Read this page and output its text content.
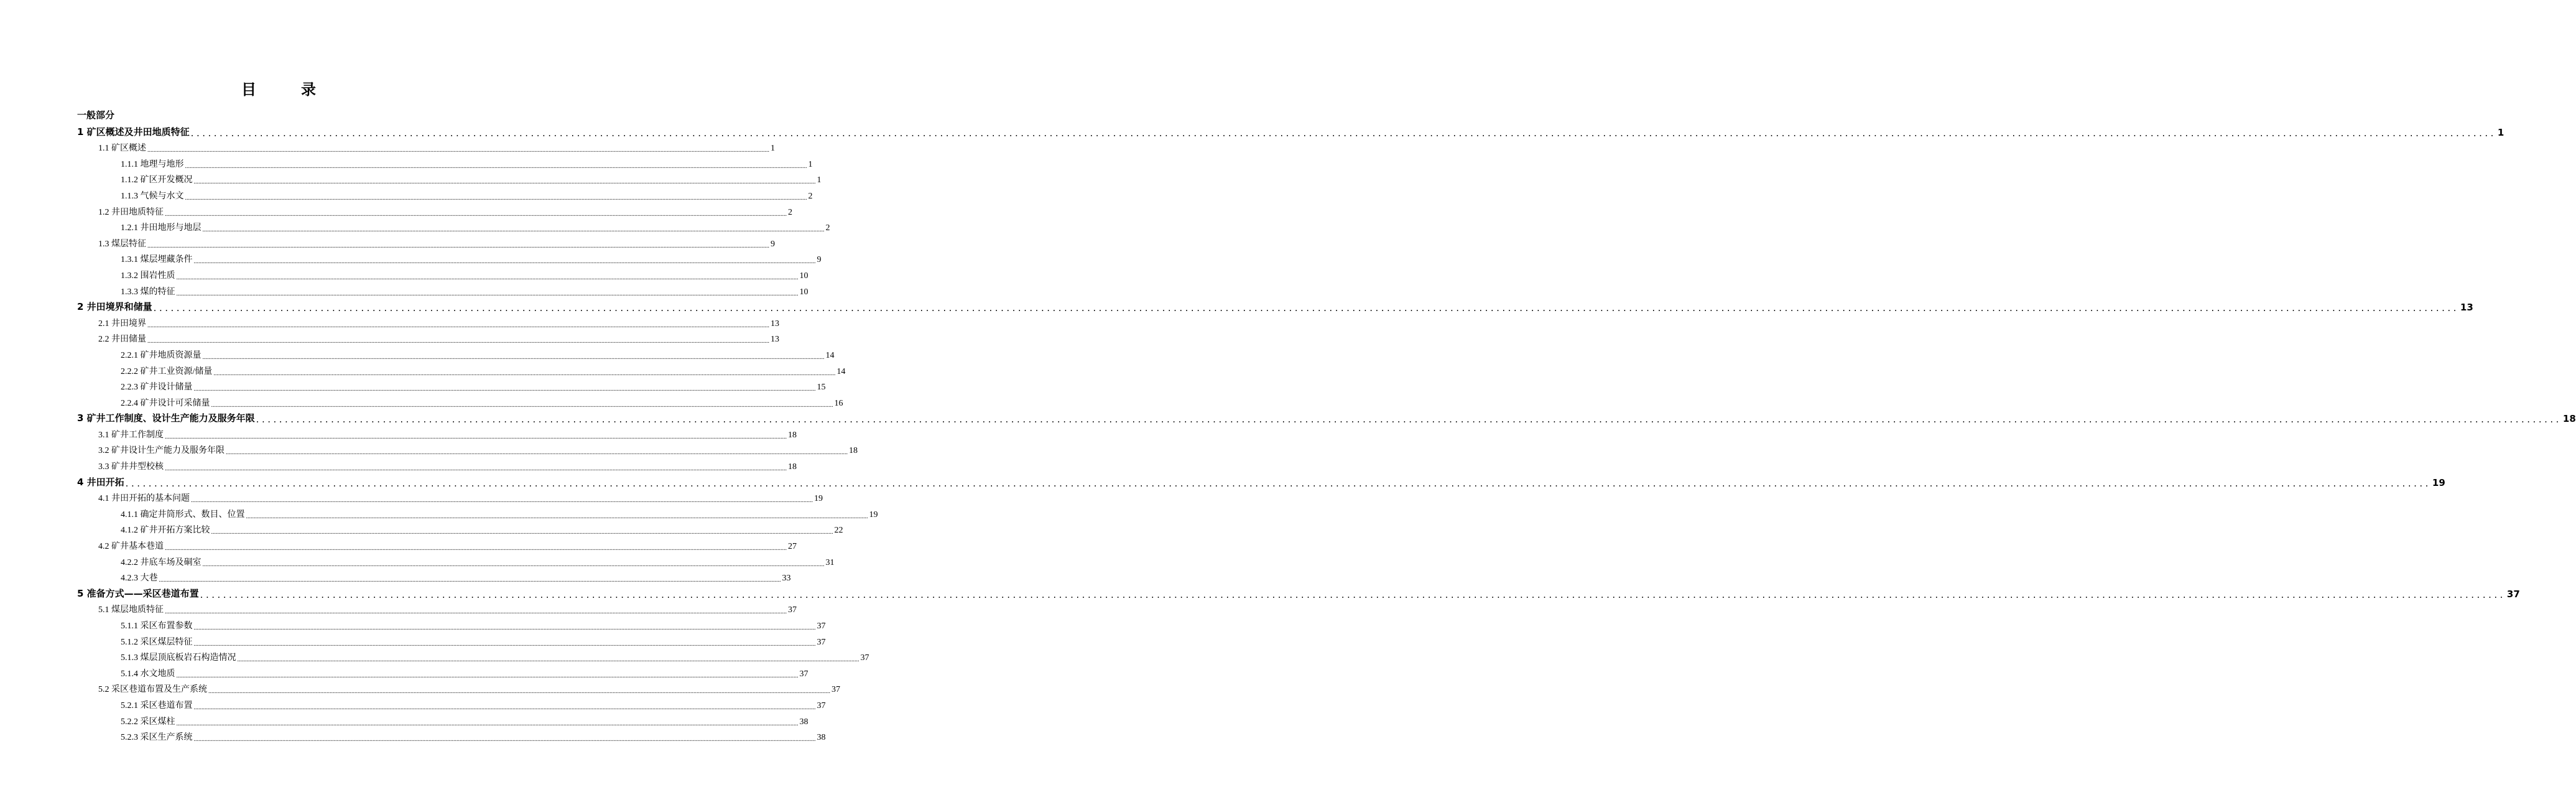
目　录
一般部分
1 矿区概述及井田地质特征 ................................................................................................................................................................................................................................................................................................................................................................................................................ 1
1.1 矿区概述 ................................................................................................................................................................................................................................................................................................................................................................................................................ 1
1.1.1 地理与地形 ................................................................................................................................................................................................................................................................................................................................................................................................................ 1
1.1.2 矿区开发概况 ................................................................................................................................................................................................................................................................................................................................................................................................................ 1
1.1.3 气候与水文 ................................................................................................................................................................................................................................................................................................................................................................................................................ 2
1.2 井田地质特征 ................................................................................................................................................................................................................................................................................................................................................................................................................ 2
1.2.1 井田地形与地层 ................................................................................................................................................................................................................................................................................................................................................................................................................ 2
1.3 煤层特征 ................................................................................................................................................................................................................................................................................................................................................................................................................ 9
1.3.1 煤层埋藏条件 ................................................................................................................................................................................................................................................................................................................................................................................................................ 9
1.3.2 围岩性质 ................................................................................................................................................................................................................................................................................................................................................................................................................ 10
1.3.3 煤的特征 ................................................................................................................................................................................................................................................................................................................................................................................................................ 10
2 井田境界和储量 ................................................................................................................................................................................................................................................................................................................................................................................................................ 13
2.1 井田境界 ................................................................................................................................................................................................................................................................................................................................................................................................................ 13
2.2 井田储量 ................................................................................................................................................................................................................................................................................................................................................................................................................ 13
2.2.1 矿井地质资源量 ................................................................................................................................................................................................................................................................................................................................................................................................................ 14
2.2.2 矿井工业资源/储量 ................................................................................................................................................................................................................................................................................................................................................................................................................ 14
2.2.3 矿井设计储量 ................................................................................................................................................................................................................................................................................................................................................................................................................ 15
2.2.4 矿井设计可采储量 ................................................................................................................................................................................................................................................................................................................................................................................................................ 16
3 矿井工作制度、设计生产能力及服务年限 ................................................................................................................................................................................................................................................................................................................................................................................................................ 18
3.1 矿井工作制度 ................................................................................................................................................................................................................................................................................................................................................................................................................ 18
3.2 矿井设计生产能力及服务年限 ................................................................................................................................................................................................................................................................................................................................................................................................................ 18
3.3 矿井井型校核 ................................................................................................................................................................................................................................................................................................................................................................................................................ 18
4 井田开拓 ................................................................................................................................................................................................................................................................................................................................................................................................................ 19
4.1 井田开拓的基本问题 ................................................................................................................................................................................................................................................................................................................................................................................................................ 19
4.1.1 确定井筒形式、数目、位置 ................................................................................................................................................................................................................................................................................................................................................................................................................ 19
4.1.2 矿井开拓方案比较 ................................................................................................................................................................................................................................................................................................................................................................................................................ 22
4.2 矿井基本巷道 ................................................................................................................................................................................................................................................................................................................................................................................................................ 27
4.2.2 井底车场及硐室 ................................................................................................................................................................................................................................................................................................................................................................................................................ 31
4.2.3 大巷 ................................................................................................................................................................................................................................................................................................................................................................................................................ 33
5 准备方式——采区巷道布置 ................................................................................................................................................................................................................................................................................................................................................................................................................ 37
5.1 煤层地质特征 ................................................................................................................................................................................................................................................................................................................................................................................................................ 37
5.1.1 采区布置参数 ................................................................................................................................................................................................................................................................................................................................................................................................................ 37
5.1.2 采区煤层特征 ................................................................................................................................................................................................................................................................................................................................................................................................................ 37
5.1.3 煤层顶底板岩石构造情况 ................................................................................................................................................................................................................................................................................................................................................................................................................ 37
5.1.4 水文地质 ................................................................................................................................................................................................................................................................................................................................................................................................................ 37
5.2 采区巷道布置及生产系统 ................................................................................................................................................................................................................................................................................................................................................................................................................ 37
5.2.1 采区巷道布置 ................................................................................................................................................................................................................................................................................................................................................................................................................ 37
5.2.2 采区煤柱 ................................................................................................................................................................................................................................................................................................................................................................................................................ 38
5.2.3 采区生产系统 ................................................................................................................................................................................................................................................................................................................................................................................................................ 38
